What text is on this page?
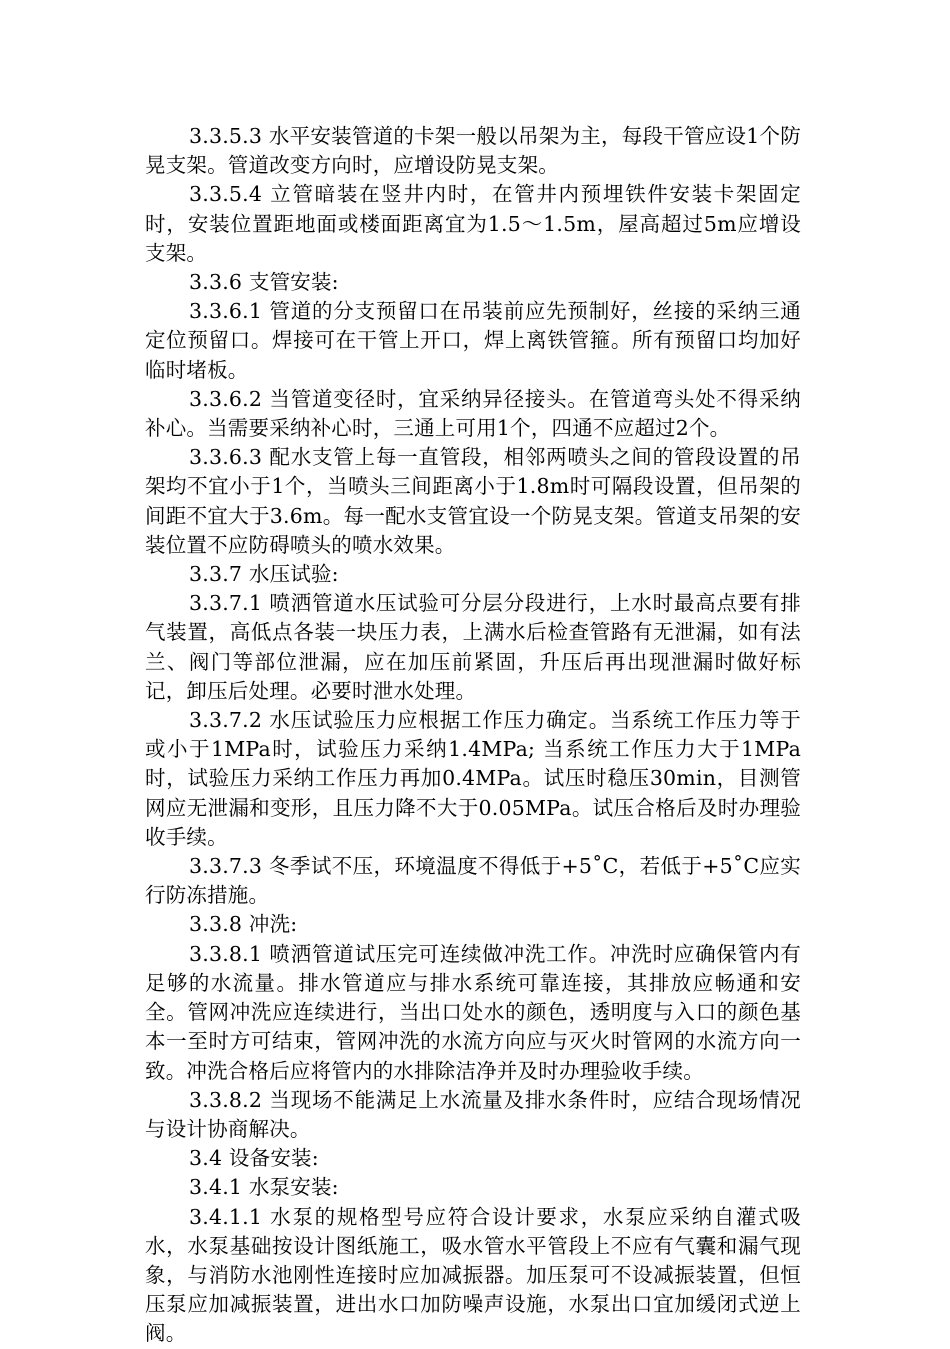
3.3.5.3 水平安装管道的卡架一般以吊架为主，每段干管应设1个防晃支架。管道改变方向时，应增设防晃支架。

3.3.5.4 立管暗装在竖井内时，在管井内预埋铁件安装卡架固定时，安装位置距地面或楼面距离宜为1.5～1.5m，屋高超过5m应增设支架。

3.3.6 支管安装:

3.3.6.1 管道的分支预留口在吊装前应先预制好，丝接的采纳三通定位预留口。焊接可在干管上开口，焊上离铁管箍。所有预留口均加好临时堵板。

3.3.6.2 当管道变径时，宜采纳异径接头。在管道弯头处不得采纳补心。当需要采纳补心时，三通上可用1个，四通不应超过2个。

3.3.6.3 配水支管上每一直管段，相邻两喷头之间的管段设置的吊架均不宜小于1个，当喷头三间距离小于1.8m时可隔段设置，但吊架的间距不宜大于3.6m。每一配水支管宜设一个防晃支架。管道支吊架的安装位置不应防碍喷头的喷水效果。

3.3.7 水压试验:

3.3.7.1 喷洒管道水压试验可分层分段进行，上水时最高点要有排气装置，高低点各装一块压力表，上满水后检查管路有无泄漏，如有法兰、阀门等部位泄漏，应在加压前紧固，升压后再出现泄漏时做好标记，卸压后处理。必要时泄水处理。

3.3.7.2 水压试验压力应根据工作压力确定。当系统工作压力等于或小于1MPa时，试验压力采纳1.4MPa; 当系统工作压力大于1MPa时，试验压力采纳工作压力再加0.4MPa。试压时稳压30min，目测管网应无泄漏和变形，且压力降不大于0.05MPa。试压合格后及时办理验收手续。

3.3.7.3 冬季试不压，环境温度不得低于+5˚C，若低于+5˚C应实行防冻措施。

3.3.8 冲洗:

3.3.8.1 喷洒管道试压完可连续做冲洗工作。冲洗时应确保管内有足够的水流量。排水管道应与排水系统可靠连接，其排放应畅通和安全。管网冲洗应连续进行，当出口处水的颜色，透明度与入口的颜色基本一至时方可结束，管网冲洗的水流方向应与灭火时管网的水流方向一致。冲洗合格后应将管内的水排除洁净并及时办理验收手续。

3.3.8.2 当现场不能满足上水流量及排水条件时，应结合现场情况与设计协商解决。

3.4 设备安装:

3.4.1 水泵安装:

3.4.1.1 水泵的规格型号应符合设计要求，水泵应采纳自灌式吸水，水泵基础按设计图纸施工，吸水管水平管段上不应有气囊和漏气现象，与消防水池刚性连接时应加减振器。加压泵可不设减振装置，但恒压泵应加减振装置，进出水口加防噪声设施，水泵出口宜加缓闭式逆上阀。
